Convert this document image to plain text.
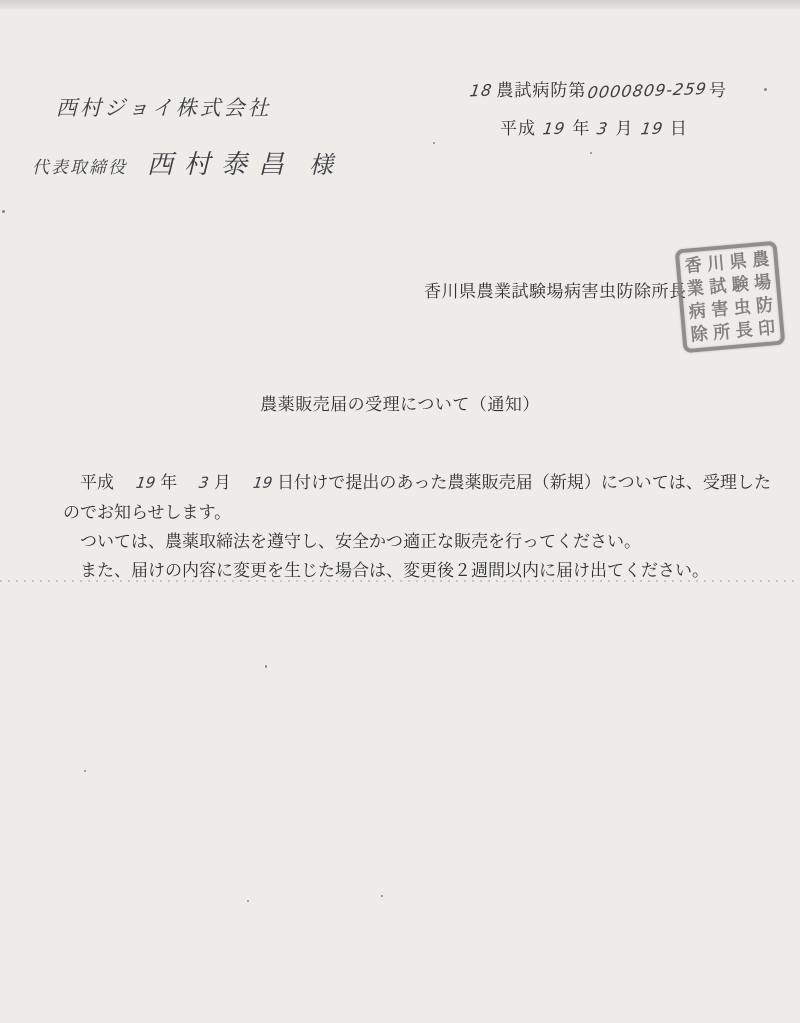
18 農試病防第0000809-259号
平成 19 年 3 月 19 日
西村ジョイ株式会社
代表取締役 西村泰昌 様
香川県農業試験場病害虫防除所長
香 川 県 農
業 試 験 場
病 害 虫 防
除 所 長 印
農薬販売届の受理について（通知）

平成 19 年 3 月 19 日付けで提出のあった農薬販売届（新規）については、受理したのでお知らせします。

ついては、農薬取締法を遵守し、安全かつ適正な販売を行ってください。

また、届けの内容に変更を生じた場合は、変更後２週間以内に届け出てください。
